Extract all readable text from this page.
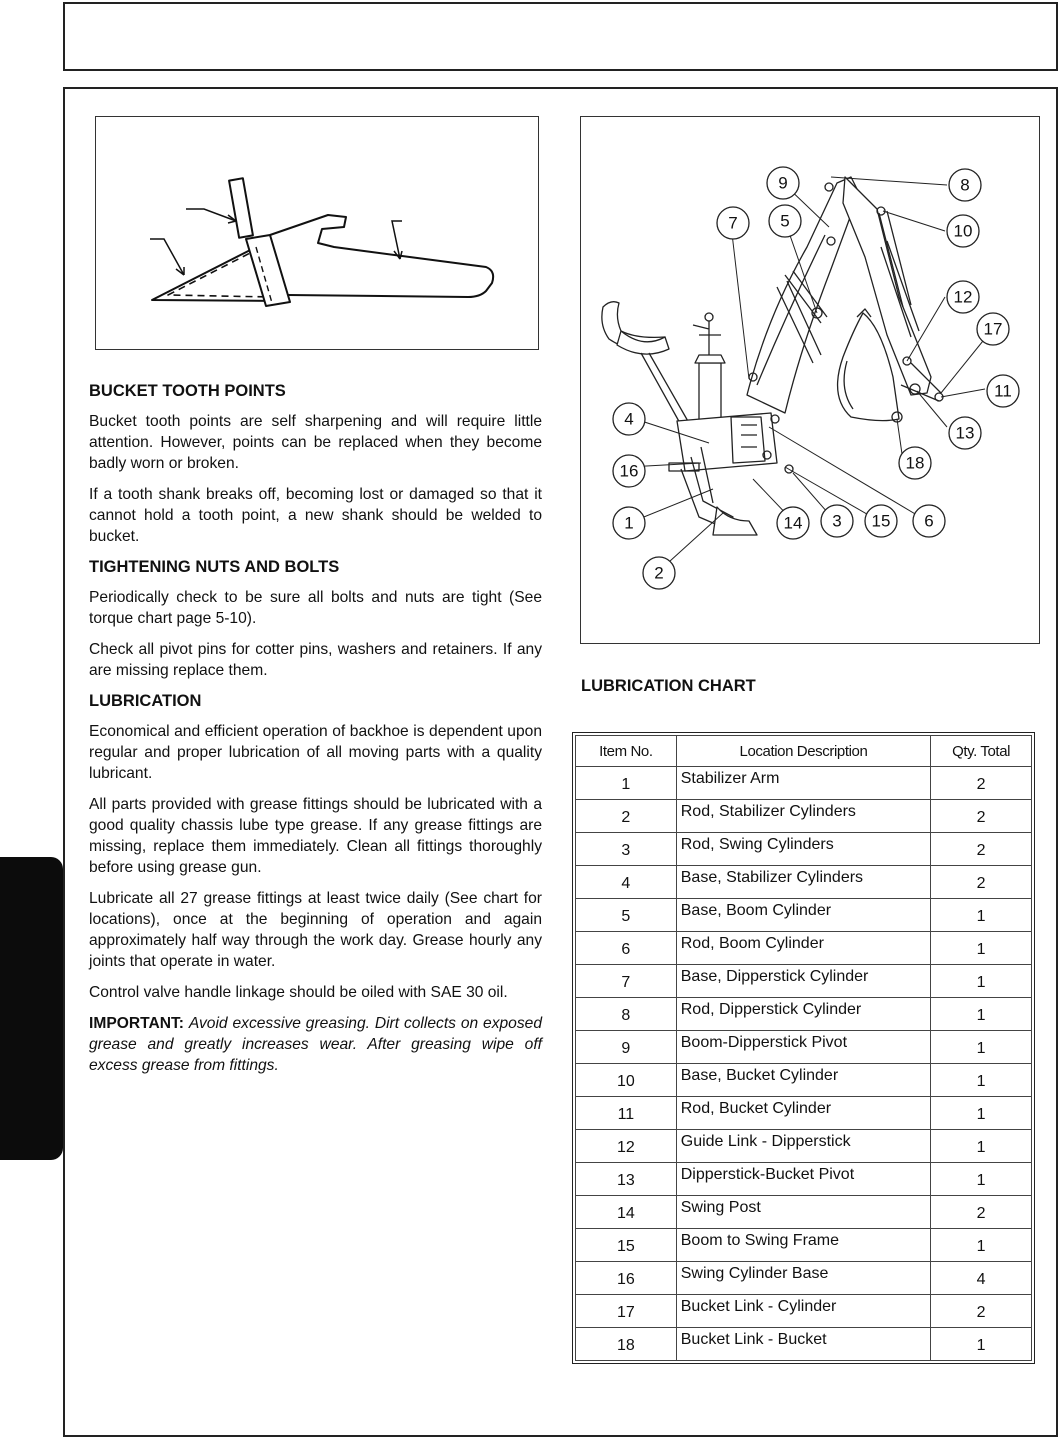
1
2
3
4
5
6
7
8
9
10
11
12
13
14	15
16
17
18
BUCKET TOOTH POINTS

Bucket tooth points are self sharpening and will require little attention. However, points can be replaced when they become badly worn or broken.

If a tooth shank breaks off, becoming lost or damaged so that it cannot hold a tooth point, a new shank should be welded to bucket.

TIGHTENING NUTS AND BOLTS

Periodically check to be sure all bolts and nuts are tight (See torque chart page 5-10).

Check all pivot pins for cotter pins, washers and retainers. If any are missing replace them.

LUBRICATION

Economical and efficient operation of backhoe is dependent upon regular and proper lubrication of all moving parts with a quality lubricant.

All parts provided with grease fittings should be lubricated with a good quality chassis lube type grease. If any grease fittings are missing, replace them immediately. Clean all fittings thoroughly before using grease gun.

Lubricate all 27 grease fittings at least twice daily (See chart for locations), once at the beginning of operation and again approximately half way through the work day. Grease hourly any joints that operate in water.

Control valve handle linkage should be oiled with SAE 30 oil.

IMPORTANT: Avoid excessive greasing. Dirt collects on exposed grease and greatly increases wear. After greasing wipe off excess grease from fittings.

LUBRICATION CHART
Item No.	Location Description	Qty. Total
1	Stabilizer Arm	2
2	Rod, Stabilizer Cylinders	2
3	Rod, Swing Cylinders	2
4	Base, Stabilizer Cylinders	2
5	Base, Boom Cylinder	1
6	Rod, Boom Cylinder	1
7	Base, Dipperstick Cylinder	1
8	Rod, Dipperstick Cylinder	1
9	Boom-Dipperstick Pivot	1
10	Base, Bucket Cylinder	1
11	Rod, Bucket Cylinder	1
12	Guide Link - Dipperstick	1
13	Dipperstick-Bucket Pivot	1
14	Swing Post	2
15	Boom to Swing Frame	1
16	Swing Cylinder Base	4
17	Bucket Link - Cylinder	2
18	Bucket Link - Bucket	1
